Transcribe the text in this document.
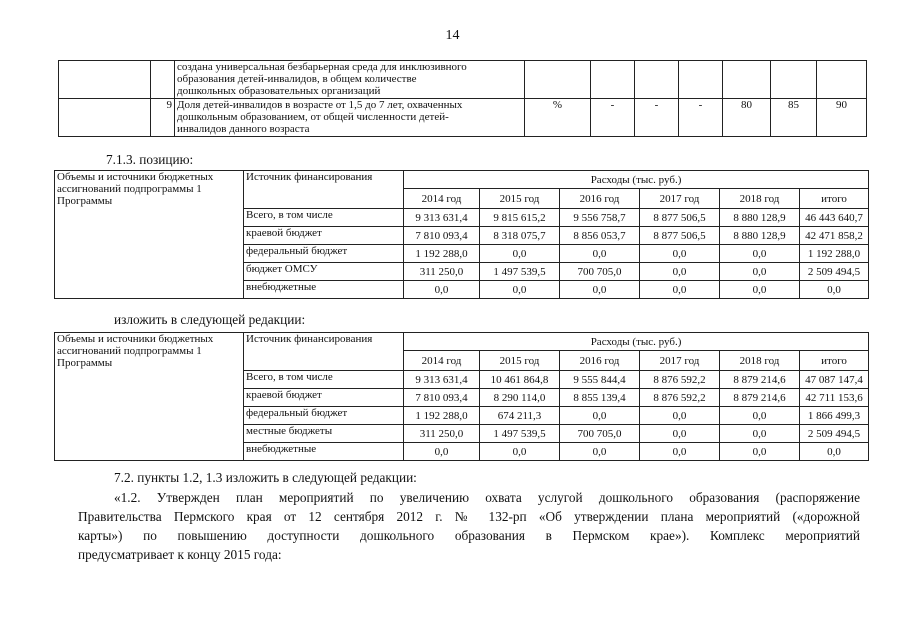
14

		создана универсальная безбарьерная среда для инклюзивного
образования детей-инвалидов, в общем количестве
дошкольных образовательных организаций							

	9	Доля детей-инвалидов в возрасте от 1,5 до 7 лет, охваченных
дошкольным образованием, от общей численности детей-
инвалидов данного возраста	%	-	-	-	80	85	90
7.1.3. позицию:
Объемы и источники бюджетных
ассигнований подпрограммы 1
Программы	Источник финансирования	Расходы (тыс. руб.)					
		2014 год	2015 год	2016 год	2017 год	2018 год	итого
	Всего, в том числе	9 313 631,4	9 815 615,2	9 556 758,7	8 877 506,5	8 880 128,9	46 443 640,7
	краевой бюджет	7 810 093,4	8 318 075,7	8 856 053,7	8 877 506,5	8 880 128,9	42 471 858,2
	федеральный бюджет	1 192 288,0	0,0	0,0	0,0	0,0	1 192 288,0
	бюджет ОМСУ	311 250,0	1 497 539,5	700 705,0	0,0	0,0	2 509 494,5
	внебюджетные	0,0	0,0	0,0	0,0	0,0	0,0
изложить в следующей редакции:
Объемы и источники бюджетных
ассигнований подпрограммы 1
Программы	Источник финансирования	Расходы (тыс. руб.)					
		2014 год	2015 год	2016 год	2017 год	2018 год	итого
	Всего, в том числе	9 313 631,4	10 461 864,8	9 555 844,4	8 876 592,2	8 879 214,6	47 087 147,4
	краевой бюджет	7 810 093,4	8 290 114,0	8 855 139,4	8 876 592,2	8 879 214,6	42 711 153,6
	федеральный бюджет	1 192 288,0	674 211,3	0,0	0,0	0,0	1 866 499,3
	местные бюджеты	311 250,0	1 497 539,5	700 705,0	0,0	0,0	2 509 494,5
	внебюджетные	0,0	0,0	0,0	0,0	0,0	0,0
7.2. пункты 1.2, 1.3 изложить в следующей редакции:
«1.2. Утвержден план мероприятий по увеличению охвата услугой дошкольного образования (распоряжение
Правительства Пермского края от 12 сентября 2012 г. № 132-рп «Об утверждении плана мероприятий («дорожной
карты») по повышению доступности дошкольного образования в Пермском крае»). Комплекс мероприятий
предусматривает к концу 2015 года:
